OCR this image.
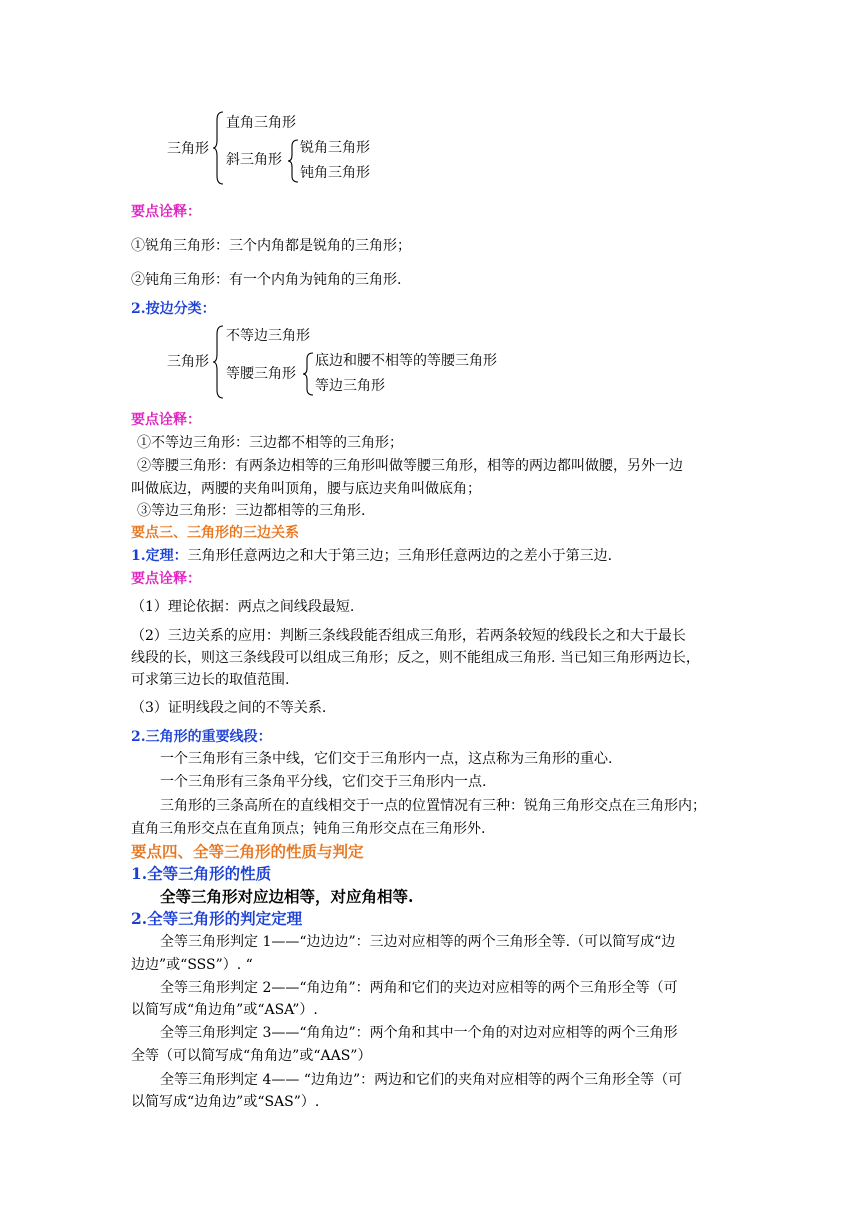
三角形
直角三角形
斜三角形
锐角三角形
钝角三角形
要点诠释：
①锐角三角形：三个内角都是锐角的三角形；
②钝角三角形：有一个内角为钝角的三角形.
2.按边分类：
三角形
不等边三角形
等腰三角形
底边和腰不相等的等腰三角形
等边三角形
要点诠释：
①不等边三角形：三边都不相等的三角形；
②等腰三角形：有两条边相等的三角形叫做等腰三角形，相等的两边都叫做腰，另外一边
叫做底边，两腰的夹角叫顶角，腰与底边夹角叫做底角；
③等边三角形：三边都相等的三角形.
要点三、三角形的三边关系
1.定理：三角形任意两边之和大于第三边；三角形任意两边的之差小于第三边.
要点诠释：
（1）理论依据：两点之间线段最短.
（2）三边关系的应用：判断三条线段能否组成三角形，若两条较短的线段长之和大于最长
线段的长，则这三条线段可以组成三角形；反之，则不能组成三角形. 当已知三角形两边长，
可求第三边长的取值范围.
（3）证明线段之间的不等关系.
2.三角形的重要线段：
一个三角形有三条中线，它们交于三角形内一点，这点称为三角形的重心.
一个三角形有三条角平分线，它们交于三角形内一点.
三角形的三条高所在的直线相交于一点的位置情况有三种：锐角三角形交点在三角形内；
直角三角形交点在直角顶点；钝角三角形交点在三角形外.
要点四、全等三角形的性质与判定
1.全等三角形的性质
全等三角形对应边相等，对应角相等.
2.全等三角形的判定定理
全等三角形判定 1——“边边边”：三边对应相等的两个三角形全等.（可以简写成“边
边边”或“SSS”）. “
全等三角形判定 2——“角边角”：两角和它们的夹边对应相等的两个三角形全等（可
以简写成“角边角”或“ASA”）.
全等三角形判定 3——“角角边”：两个角和其中一个角的对边对应相等的两个三角形
全等（可以简写成“角角边”或“AAS”）
全等三角形判定 4—— “边角边”：两边和它们的夹角对应相等的两个三角形全等（可
以简写成“边角边”或“SAS”）.
